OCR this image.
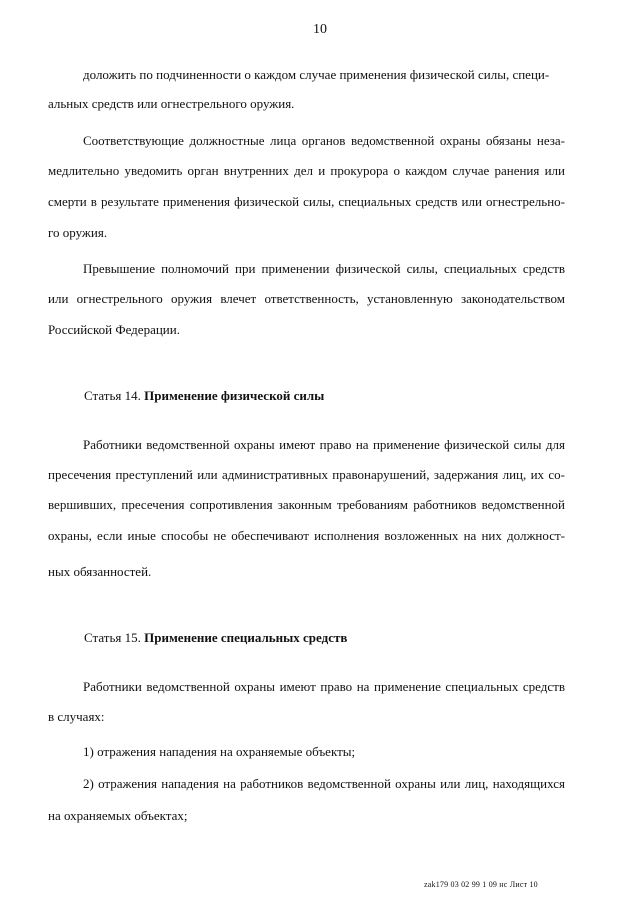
10
доложить по подчиненности о каждом случае применения физической силы, специ-
альных средств или огнестрельного оружия.
Соответствующие должностные лица органов ведомственной охраны обязаны неза-
медлительно уведомить орган внутренних дел и прокурора о каждом случае ранения или
смерти в результате применения физической силы, специальных средств или огнестрельно-
го оружия.
Превышение полномочий при применении физической силы, специальных средств
или огнестрельного оружия влечет ответственность, установленную законодательством
Российской Федерации.
Статья 14. Применение физической силы
Работники ведомственной охраны имеют право на применение физической силы для
пресечения преступлений или административных правонарушений, задержания лиц, их со-
вершивших, пресечения сопротивления законным требованиям работников ведомственной
охраны, если иные способы не обеспечивают исполнения возложенных на них должност-
ных обязанностей.
Статья 15. Применение специальных средств
Работники ведомственной охраны имеют право на применение специальных средств
в случаях:
1) отражения нападения на охраняемые объекты;
2) отражения нападения на работников ведомственной охраны или лиц, находящихся
на охраняемых объектах;
zak179 03 02 99 1 09 нс Лист 10
